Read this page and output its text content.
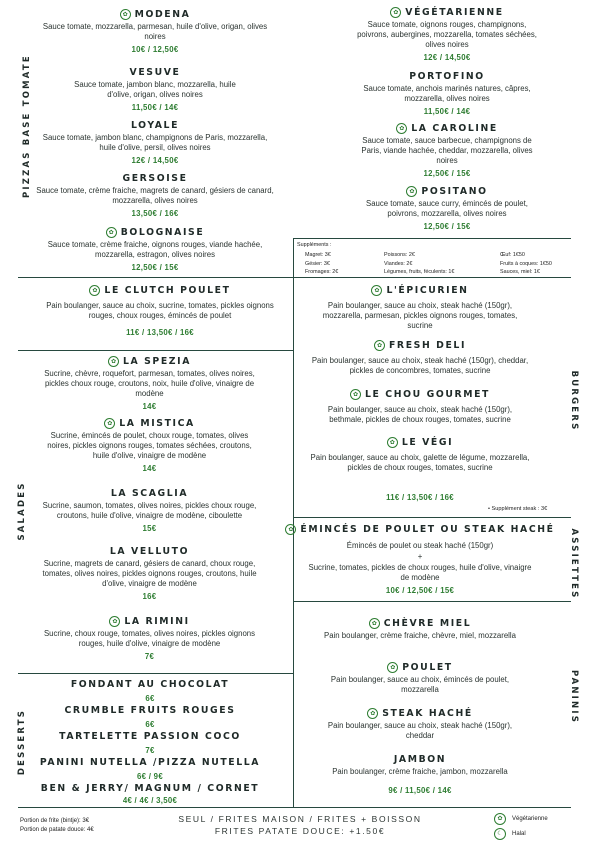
PIZZAS BASE TOMATE
SALADES
DESSERTS
BURGERS
ASSIETTES
PANINIS
✿ MODENA
Sauce tomate, mozzarella, parmesan, huile d'olive, origan, olives noires
10€ / 12,50€
VESUVE
Sauce tomate, jambon blanc, mozzarella, huile d'olive, origan, olives noires
11,50€ / 14€
LOYALE
Sauce tomate, jambon blanc, champignons de Paris, mozzarella, huile d'olive, persil, olives noires
12€ / 14,50€
GERSOISE
Sauce tomate, crème fraiche, magrets de canard, gésiers de canard, mozzarella, olives noires
13,50€ / 16€
✿ BOLOGNAISE
Sauce tomate, crème fraiche, oignons rouges, viande hachée, mozzarella, estragon, olives noires
12,50€ / 15€
✿ VÉGÉTARIENNE
Sauce tomate, oignons rouges, champignons, poivrons, aubergines, mozzarella, tomates séchées, olives noires
12€ / 14,50€
PORTOFINO
Sauce tomate, anchois marinés natures, câpres, mozzarella, olives noires
11,50€ / 14€
✿ LA CAROLINE
Sauce tomate, sauce barbecue, champignons de Paris, viande hachée, cheddar, mozzarella, olives noires
12,50€ / 15€
✿ POSITANO
Sauce tomate, sauce curry, émincés de poulet, poivrons, mozzarella, olives noires
12,50€ / 15€
Suppléments :
Magret: 3€
Gésier: 3€
Fromages: 2€
Poissons: 2€
Viandes: 2€
Légumes, fruits, féculents: 1€
Œuf: 1€50
Fruits à coques: 1€50
Sauces, miel: 1€
✿ LE CLUTCH POULET
Pain boulanger, sauce au choix, sucrine, tomates, pickles oignons rouges, choux rouges, émincés de poulet
11€ / 13,50€ / 16€
✿ LA SPEZIA
Sucrine, chèvre, roquefort, parmesan, tomates, olives noires, pickles choux rouge, croutons, noix, huile d'olive, vinaigre de modène
14€
✿ LA MISTICA
Sucrine, émincés de poulet, choux rouge, tomates, olives noires, pickles oignons rouges, tomates séchées, croutons, huile d'olive, vinaigre de modène
14€
LA SCAGLIA
Sucrine, saumon, tomates, olives noires, pickles choux rouge, croutons, huile d'olive, vinaigre de modène, ciboulette
15€
LA VELLUTO
Sucrine, magrets de canard, gésiers de canard, choux rouge, tomates, olives noires, pickles oignons rouges, croutons, huile d'olive, vinaigre de modène
16€
✿ LA RIMINI
Sucrine, choux rouge, tomates, olives noires, pickles oignons rouges, huile d'olive, vinaigre de modène
7€
FONDANT AU CHOCOLAT
6€
CRUMBLE FRUITS ROUGES
6€
TARTELETTE PASSION COCO
7€
PANINI NUTELLA /PIZZA NUTELLA
6€ / 9€
BEN & JERRY/ MAGNUM / CORNET
4€ / 4€ / 3,50€
✿ L'ÉPICURIEN
Pain boulanger, sauce au choix, steak haché (150gr), mozzarella, parmesan, pickles oignons rouges, tomates, sucrine
✿ FRESH DELI
Pain boulanger, sauce au choix, steak haché (150gr), cheddar, pickles de concombres, tomates, sucrine
✿ LE CHOU GOURMET
Pain boulanger, sauce au choix, steak haché (150gr), bethmale, pickles de choux rouges, tomates, sucrine
✿ LE VÉGI
Pain boulanger, sauce au choix, galette de légume, mozzarella, pickles de choux rouges, tomates, sucrine
11€ / 13,50€ / 16€
• Supplément steak : 3€
✿ ÉMINCÉS DE POULET OU STEAK HACHÉ
Émincés de poulet ou steak haché (150gr)
+
Sucrine, tomates, pickles de choux rouges, huile d'olive, vinaigre de modène
10€ / 12,50€ / 15€
✿ CHÈVRE MIEL
Pain boulanger, crème fraiche, chèvre, miel, mozzarella
✿ POULET
Pain boulanger, sauce au choix, émincés de poulet, mozzarella
✿ STEAK HACHÉ
Pain boulanger, sauce au choix, steak haché (150gr), cheddar
JAMBON
Pain boulanger, crème fraiche, jambon, mozzarella
9€ / 11,50€ / 14€
Portion de frite (bintje): 3€
Portion de patate douce: 4€
SEUL / FRITES MAISON / FRITES + BOISSON
FRITES PATATE DOUCE: +1.50€
✿	Végétarienne
☾	Halal
